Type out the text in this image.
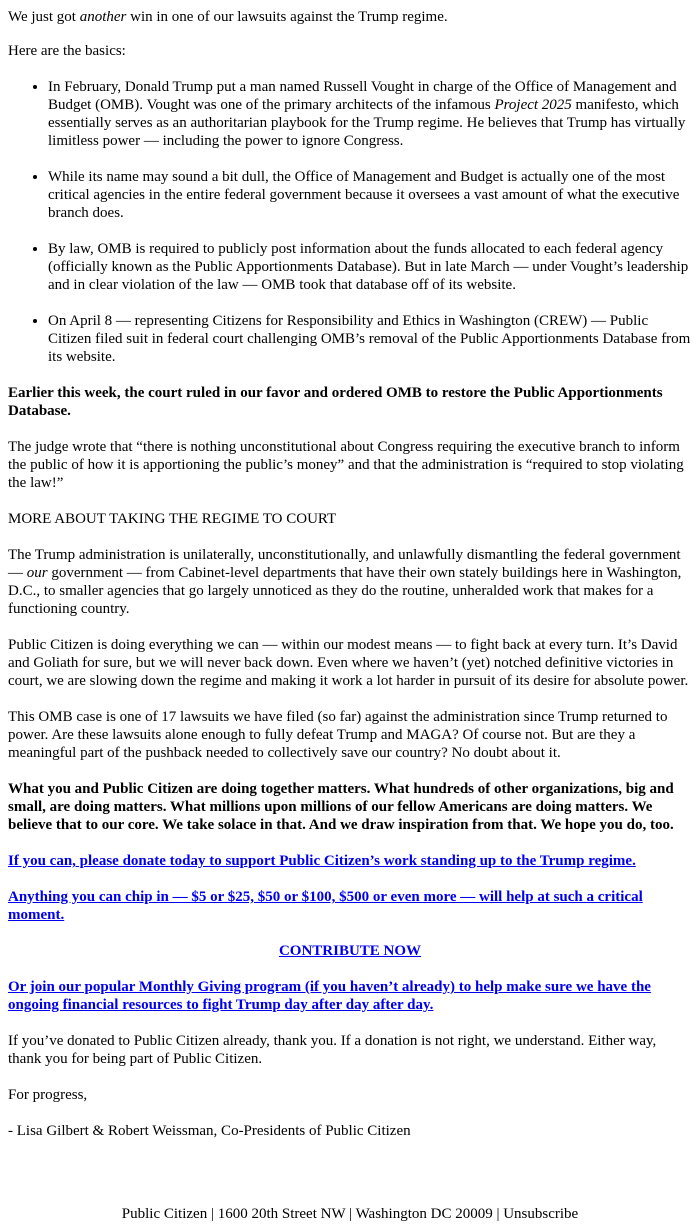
We just got another win in one of our lawsuits against the Trump regime.

Here are the basics:

• In February, Donald Trump put a man named Russell Vought in charge of the Office of Management and Budget (OMB). Vought was one of the primary architects of the infamous Project 2025 manifesto, which essentially serves as an authoritarian playbook for the Trump regime. He believes that Trump has virtually limitless power — including the power to ignore Congress.
• While its name may sound a bit dull, the Office of Management and Budget is actually one of the most critical agencies in the entire federal government because it oversees a vast amount of what the executive branch does.
• By law, OMB is required to publicly post information about the funds allocated to each federal agency (officially known as the Public Apportionments Database). But in late March — under Vought’s leadership and in clear violation of the law — OMB took that database off of its website.
• On April 8 — representing Citizens for Responsibility and Ethics in Washington (CREW) — Public Citizen filed suit in federal court challenging OMB’s removal of the Public Apportionments Database from its website.

Earlier this week, the court ruled in our favor and ordered OMB to restore the Public Apportionments Database.

The judge wrote that “there is nothing unconstitutional about Congress requiring the executive branch to inform the public of how it is apportioning the public’s money” and that the administration is “required to stop violating the law!”

MORE ABOUT TAKING THE REGIME TO COURT

The Trump administration is unilaterally, unconstitutionally, and unlawfully dismantling the federal government — our government — from Cabinet-level departments that have their own stately buildings here in Washington, D.C., to smaller agencies that go largely unnoticed as they do the routine, unheralded work that makes for a functioning country.

Public Citizen is doing everything we can — within our modest means — to fight back at every turn. It’s David and Goliath for sure, but we will never back down. Even where we haven’t (yet) notched definitive victories in court, we are slowing down the regime and making it work a lot harder in pursuit of its desire for absolute power.

This OMB case is one of 17 lawsuits we have filed (so far) against the administration since Trump returned to power. Are these lawsuits alone enough to fully defeat Trump and MAGA? Of course not. But are they a meaningful part of the pushback needed to collectively save our country? No doubt about it.

What you and Public Citizen are doing together matters. What hundreds of other organizations, big and small, are doing matters. What millions upon millions of our fellow Americans are doing matters. We believe that to our core. We take solace in that. And we draw inspiration from that. We hope you do, too.

If you can, please donate today to support Public Citizen’s work standing up to the Trump regime.

Anything you can chip in — $5 or $25, $50 or $100, $500 or even more — will help at such a critical moment.

CONTRIBUTE NOW

Or join our popular Monthly Giving program (if you haven’t already) to help make sure we have the ongoing financial resources to fight Trump day after day after day.

If you’ve donated to Public Citizen already, thank you. If a donation is not right, we understand. Either way, thank you for being part of Public Citizen.

For progress,

- Lisa Gilbert & Robert Weissman, Co-Presidents of Public Citizen

Public Citizen | 1600 20th Street NW | Washington DC 20009 | Unsubscribe
